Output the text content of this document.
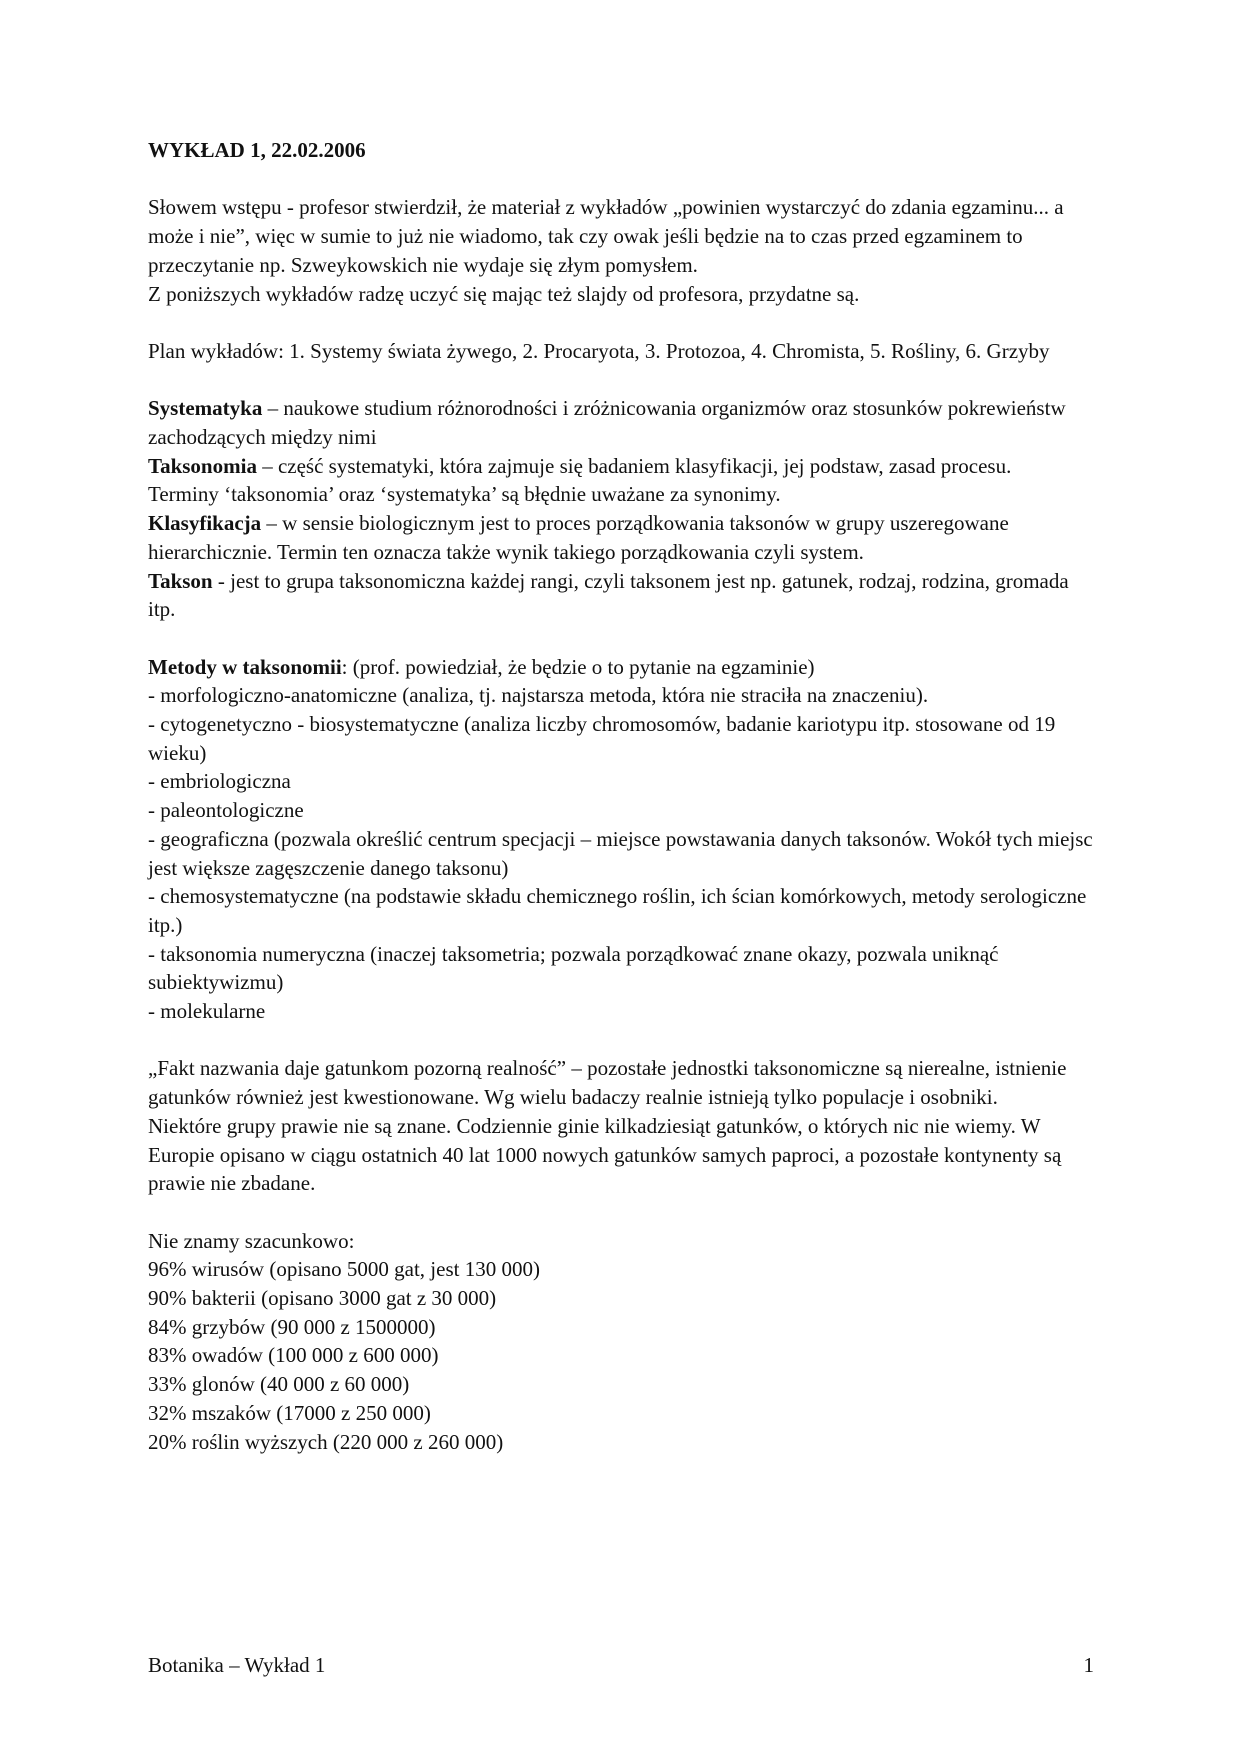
WYKŁAD 1, 22.02.2006

Słowem wstępu - profesor stwierdził, że materiał z wykładów „powinien wystarczyć do zdania egzaminu... a może i nie”, więc w sumie to już nie wiadomo, tak czy owak jeśli będzie na to czas przed egzaminem to przeczytanie np. Szweykowskich nie wydaje się złym pomysłem.

Z poniższych wykładów radzę uczyć się mając też slajdy od profesora, przydatne są.

Plan wykładów: 1. Systemy świata żywego, 2. Procaryota, 3. Protozoa, 4. Chromista, 5. Rośliny, 6. Grzyby

Systematyka – naukowe studium różnorodności i zróżnicowania organizmów oraz stosunków pokrewieństw zachodzących między nimi

Taksonomia – część systematyki, która zajmuje się badaniem klasyfikacji, jej podstaw, zasad procesu.

Terminy ‘taksonomia’ oraz ‘systematyka’ są błędnie uważane za synonimy.

Klasyfikacja – w sensie biologicznym jest to proces porządkowania taksonów w grupy uszeregowane hierarchicznie. Termin ten oznacza także wynik takiego porządkowania czyli system.

Takson - jest to grupa taksonomiczna każdej rangi, czyli taksonem jest np. gatunek, rodzaj, rodzina, gromada itp.

Metody w taksonomii: (prof. powiedział, że będzie o to pytanie na egzaminie)

- morfologiczno-anatomiczne (analiza, tj. najstarsza metoda, która nie straciła na znaczeniu).

- cytogenetyczno - biosystematyczne (analiza liczby chromosomów, badanie kariotypu itp. stosowane od 19 wieku)

- embriologiczna

- paleontologiczne

- geograficzna (pozwala określić centrum specjacji – miejsce powstawania danych taksonów. Wokół tych miejsc jest większe zagęszczenie danego taksonu)

- chemosystematyczne (na podstawie składu chemicznego roślin, ich ścian komórkowych, metody serologiczne itp.)

- taksonomia numeryczna (inaczej taksometria; pozwala porządkować znane okazy, pozwala uniknąć subiektywizmu)

- molekularne

„Fakt nazwania daje gatunkom pozorną realność” – pozostałe jednostki taksonomiczne są nierealne, istnienie gatunków również jest kwestionowane. Wg wielu badaczy realnie istnieją tylko populacje i osobniki.

Niektóre grupy prawie nie są znane. Codziennie ginie kilkadziesiąt gatunków, o których nic nie wiemy. W Europie opisano w ciągu ostatnich 40 lat 1000 nowych gatunków samych paproci, a pozostałe kontynenty są prawie nie zbadane.

Nie znamy szacunkowo:

96% wirusów (opisano 5000 gat, jest 130 000)

90% bakterii (opisano 3000 gat z 30 000)

84% grzybów (90 000 z 1500000)

83% owadów (100 000 z 600 000)

33% glonów (40 000 z 60 000)

32% mszaków (17000 z 250 000)

20% roślin wyższych (220 000 z 260 000)

Botanika – Wykład 1	1
